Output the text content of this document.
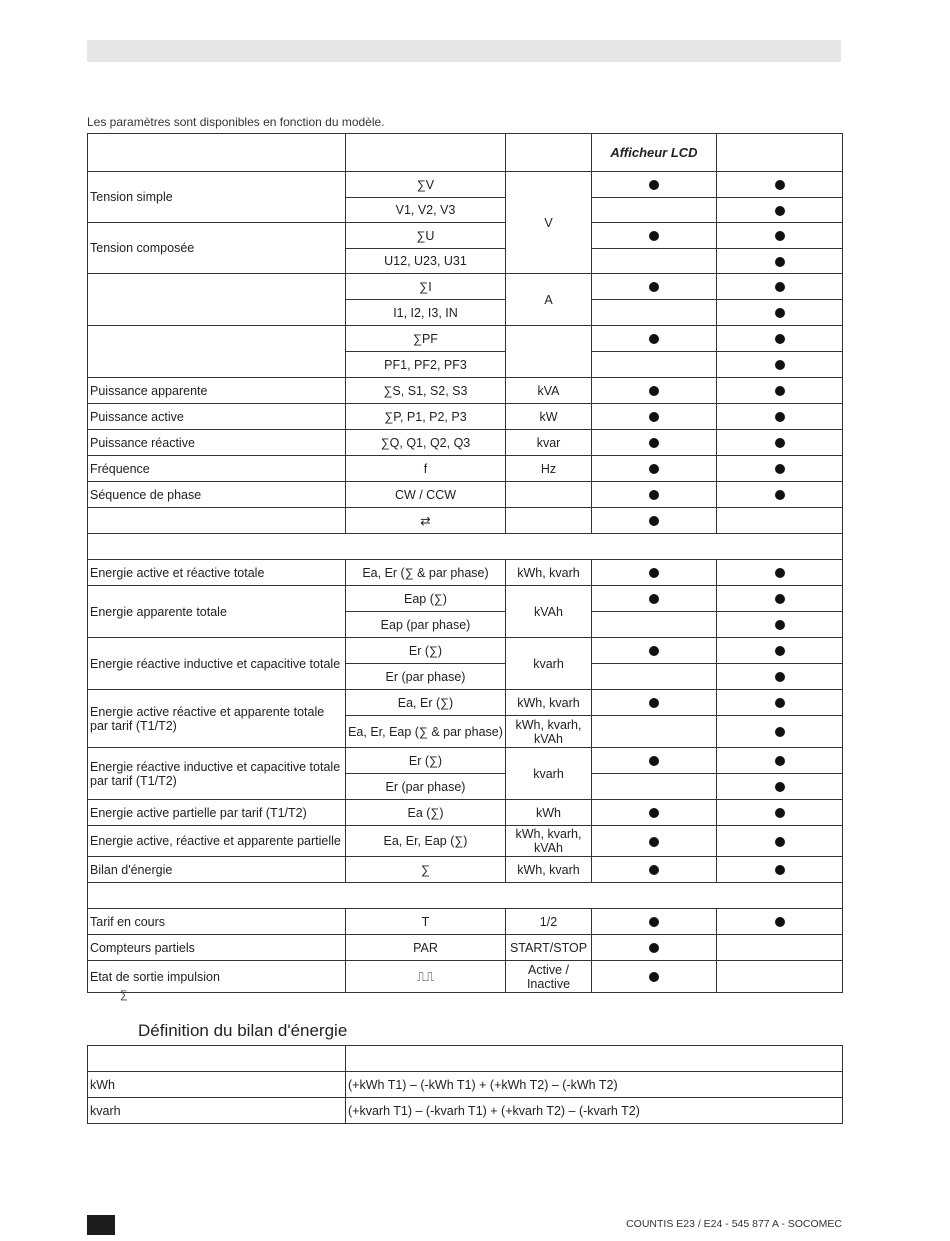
Les paramètres sont disponibles en fonction du modèle.
			Afficheur LCD	
Tension simple	∑V	V		
	V1, V2, V3			
Tension composée	∑U			
	U12, U23, U31			
	∑I	A		
	I1, I2, I3, IN			
	∑PF			
	PF1, PF2, PF3			
Puissance apparente	∑S, S1, S2, S3	kVA		
Puissance active	∑P, P1, P2, P3	kW		
Puissance réactive	∑Q, Q1, Q2, Q3	kvar		
Fréquence	f	Hz		
Séquence de phase	CW / CCW			
	⇄			

Energie active et réactive totale	Ea, Er (∑ & par phase)	kWh, kvarh		
Energie apparente totale	Eap (∑)	kVAh		
	Eap (par phase)			
Energie réactive inductive et capacitive totale	Er (∑)	kvarh		
	Er (par phase)			
Energie active réactive et apparente totale par tarif (T1/T2)	Ea, Er (∑)	kWh, kvarh		
	Ea, Er, Eap (∑ & par phase)	kWh, kvarh, kVAh		
Energie réactive inductive et capacitive totale par tarif (T1/T2)	Er (∑)	kvarh		
	Er (par phase)			
Energie active partielle par tarif (T1/T2)	Ea (∑)	kWh		
Energie active, réactive et apparente partielle	Ea, Er, Eap (∑)	kWh, kvarh, kVAh		
Bilan d'énergie	∑	kWh, kvarh		

Tarif en cours	T	1/2		
Compteurs partiels	PAR	START/STOP		
Etat de sortie impulsion	⎍⎍	Active / Inactive		
∑
Définition du bilan d'énergie

kWh	(+kWh T1) – (-kWh T1) + (+kWh T2) – (-kWh T2)
kvarh	(+kvarh T1) – (-kvarh T1) + (+kvarh T2) – (-kvarh T2)
COUNTIS E23 / E24 - 545 877 A - SOCOMEC
